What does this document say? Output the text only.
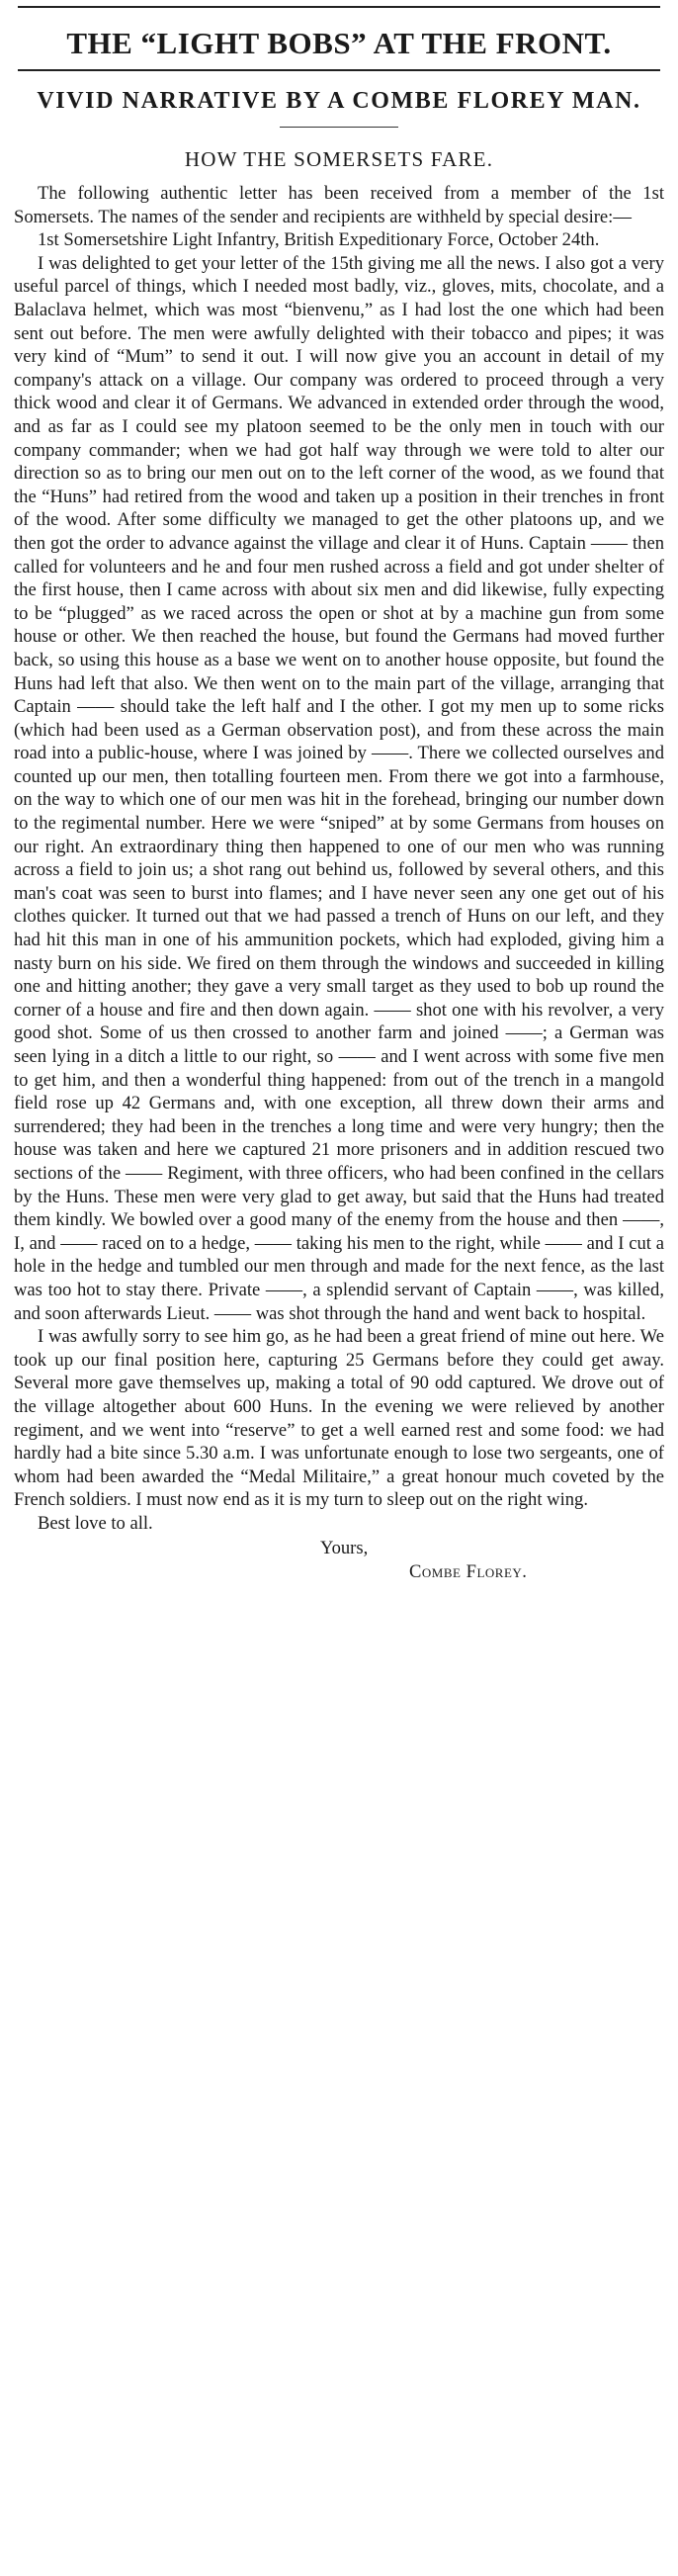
THE “LIGHT BOBS” AT THE FRONT.
VIVID NARRATIVE BY A COMBE FLOREY MAN.
HOW THE SOMERSETS FARE.

The following authentic letter has been received from a member of the 1st Somersets. The names of the sender and recipients are withheld by special desire:—

1st Somersetshire Light Infantry, British Expeditionary Force, October 24th.

I was delighted to get your letter of the 15th giving me all the news. I also got a very useful parcel of things, which I needed most badly, viz., gloves, mits, chocolate, and a Balaclava helmet, which was most “bienvenu,” as I had lost the one which had been sent out before. The men were awfully delighted with their tobacco and pipes; it was very kind of “Mum” to send it out. I will now give you an account in detail of my company's attack on a village. Our company was ordered to proceed through a very thick wood and clear it of Germans. We advanced in extended order through the wood, and as far as I could see my platoon seemed to be the only men in touch with our company commander; when we had got half way through we were told to alter our direction so as to bring our men out on to the left corner of the wood, as we found that the “Huns” had retired from the wood and taken up a position in their trenches in front of the wood. After some difficulty we managed to get the other platoons up, and we then got the order to advance against the village and clear it of Huns. Captain —— then called for volunteers and he and four men rushed across a field and got under shelter of the first house, then I came across with about six men and did likewise, fully expecting to be “plugged” as we raced across the open or shot at by a machine gun from some house or other. We then reached the house, but found the Germans had moved further back, so using this house as a base we went on to another house opposite, but found the Huns had left that also. We then went on to the main part of the village, arranging that Captain —— should take the left half and I the other. I got my men up to some ricks (which had been used as a German observation post), and from these across the main road into a public-house, where I was joined by ——. There we collected ourselves and counted up our men, then totalling fourteen men. From there we got into a farmhouse, on the way to which one of our men was hit in the forehead, bringing our number down to the regimental number. Here we were “sniped” at by some Germans from houses on our right. An extraordinary thing then happened to one of our men who was running across a field to join us; a shot rang out behind us, followed by several others, and this man's coat was seen to burst into flames; and I have never seen any one get out of his clothes quicker. It turned out that we had passed a trench of Huns on our left, and they had hit this man in one of his ammunition pockets, which had exploded, giving him a nasty burn on his side. We fired on them through the windows and succeeded in killing one and hitting another; they gave a very small target as they used to bob up round the corner of a house and fire and then down again. —— shot one with his revolver, a very good shot. Some of us then crossed to another farm and joined ——; a German was seen lying in a ditch a little to our right, so —— and I went across with some five men to get him, and then a wonderful thing happened: from out of the trench in a mangold field rose up 42 Germans and, with one exception, all threw down their arms and surrendered; they had been in the trenches a long time and were very hungry; then the house was taken and here we captured 21 more prisoners and in addition rescued two sections of the —— Regiment, with three officers, who had been confined in the cellars by the Huns. These men were very glad to get away, but said that the Huns had treated them kindly. We bowled over a good many of the enemy from the house and then ——, I, and —— raced on to a hedge, —— taking his men to the right, while —— and I cut a hole in the hedge and tumbled our men through and made for the next fence, as the last was too hot to stay there. Private ——, a splendid servant of Captain ——, was killed, and soon afterwards Lieut. —— was shot through the hand and went back to hospital.

I was awfully sorry to see him go, as he had been a great friend of mine out here. We took up our final position here, capturing 25 Germans before they could get away. Several more gave themselves up, making a total of 90 odd captured. We drove out of the village altogether about 600 Huns. In the evening we were relieved by another regiment, and we went into “reserve” to get a well earned rest and some food: we had hardly had a bite since 5.30 a.m. I was unfortunate enough to lose two sergeants, one of whom had been awarded the “Medal Militaire,” a great honour much coveted by the French soldiers. I must now end as it is my turn to sleep out on the right wing.

Best love to all.

Yours,
Combe Florey.
